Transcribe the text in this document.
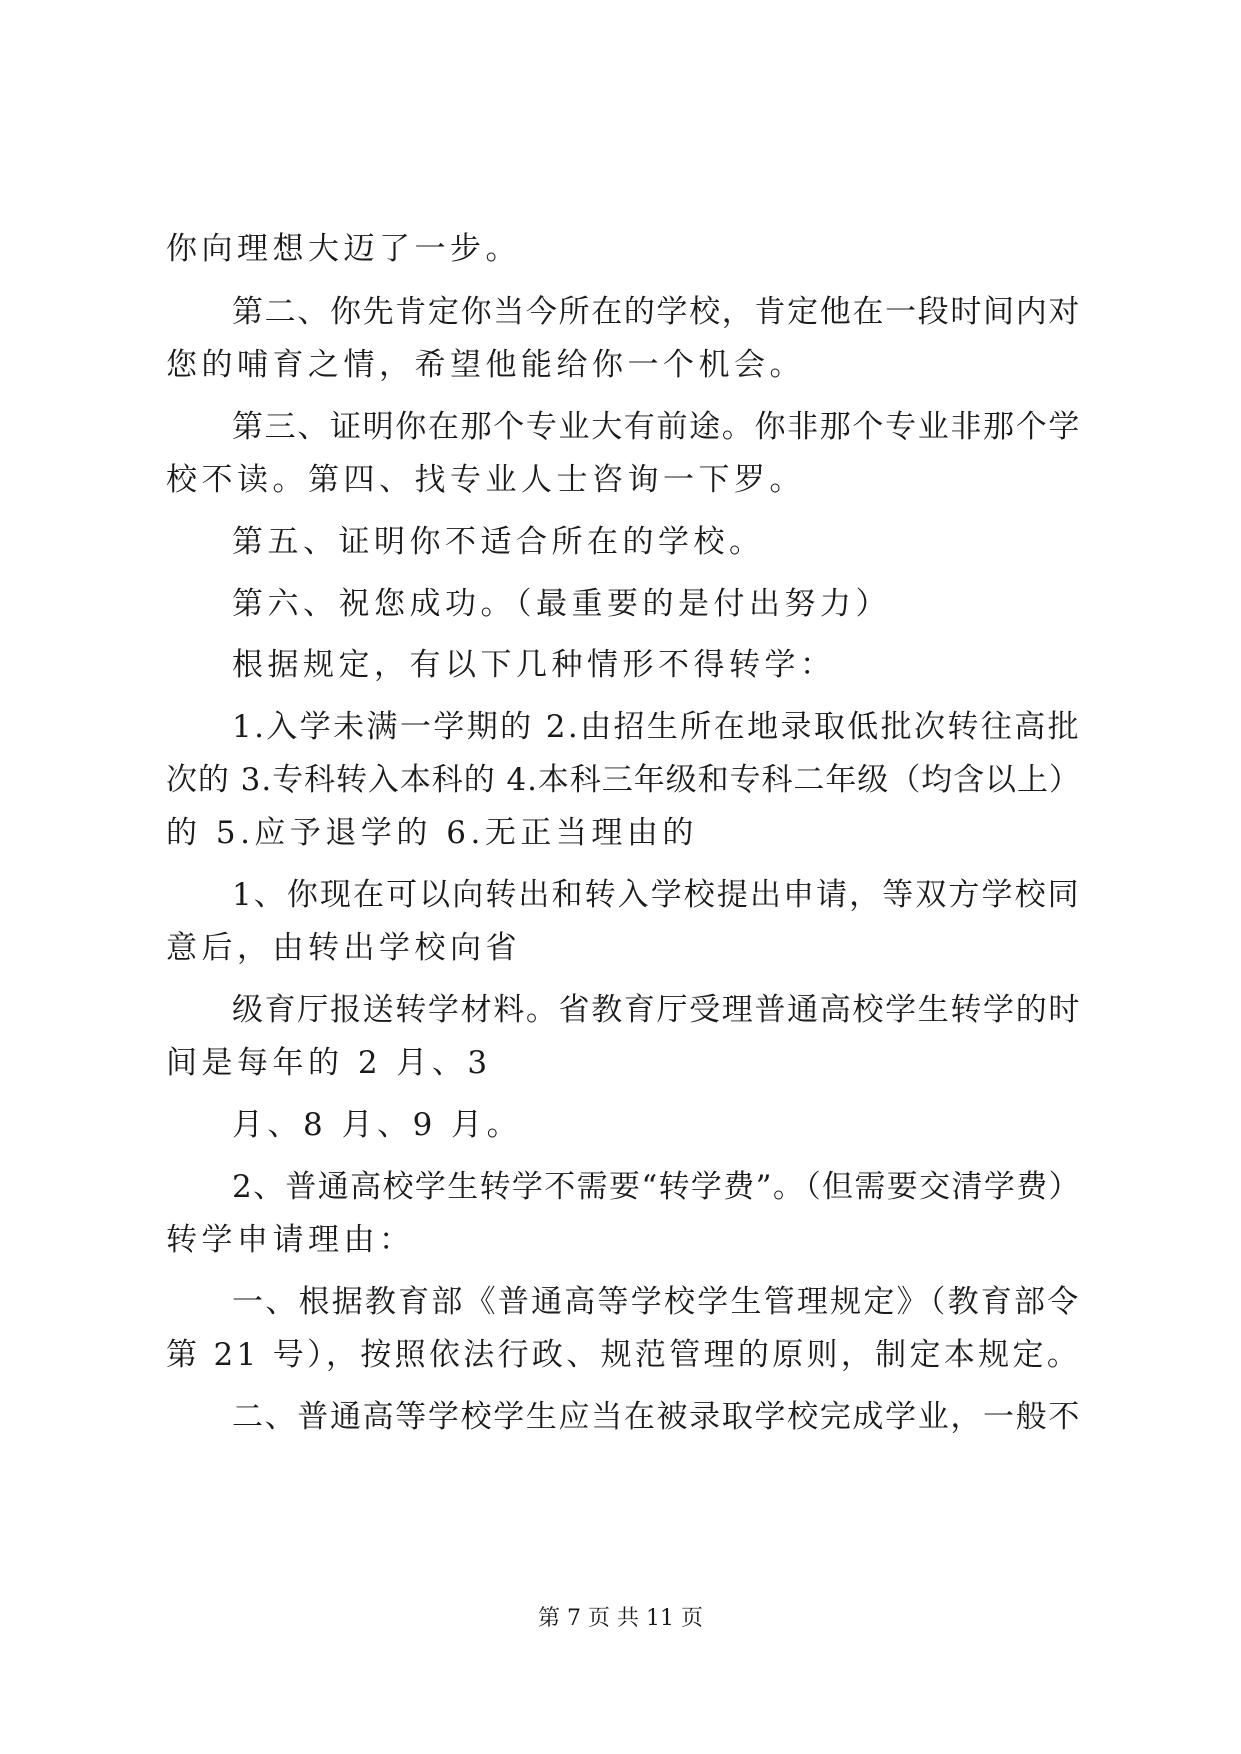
你向理想大迈了一步。
第二、你先肯定你当今所在的学校，肯定他在一段时间内对
您的哺育之情，希望他能给你一个机会。
第三、证明你在那个专业大有前途。你非那个专业非那个学
校不读。第四、找专业人士咨询一下罗。
第五、证明你不适合所在的学校。
第六、祝您成功。（最重要的是付出努力）
根据规定，有以下几种情形不得转学：
1.入学未满一学期的 2.由招生所在地录取低批次转往高批
次的 3.专科转入本科的 4.本科三年级和专科二年级（均含以上）
的 5.应予退学的 6.无正当理由的
1、你现在可以向转出和转入学校提出申请，等双方学校同
意后，由转出学校向省
级育厅报送转学材料。省教育厅受理普通高校学生转学的时
间是每年的 2 月、3
月、8 月、9 月。
2、普通高校学生转学不需要“转学费”。（但需要交清学费）
转学申请理由：
一、根据教育部《普通高等学校学生管理规定》（教育部令
第 21 号），按照依法行政、规范管理的原则，制定本规定。
二、普通高等学校学生应当在被录取学校完成学业，一般不
第 7 页 共 11 页
